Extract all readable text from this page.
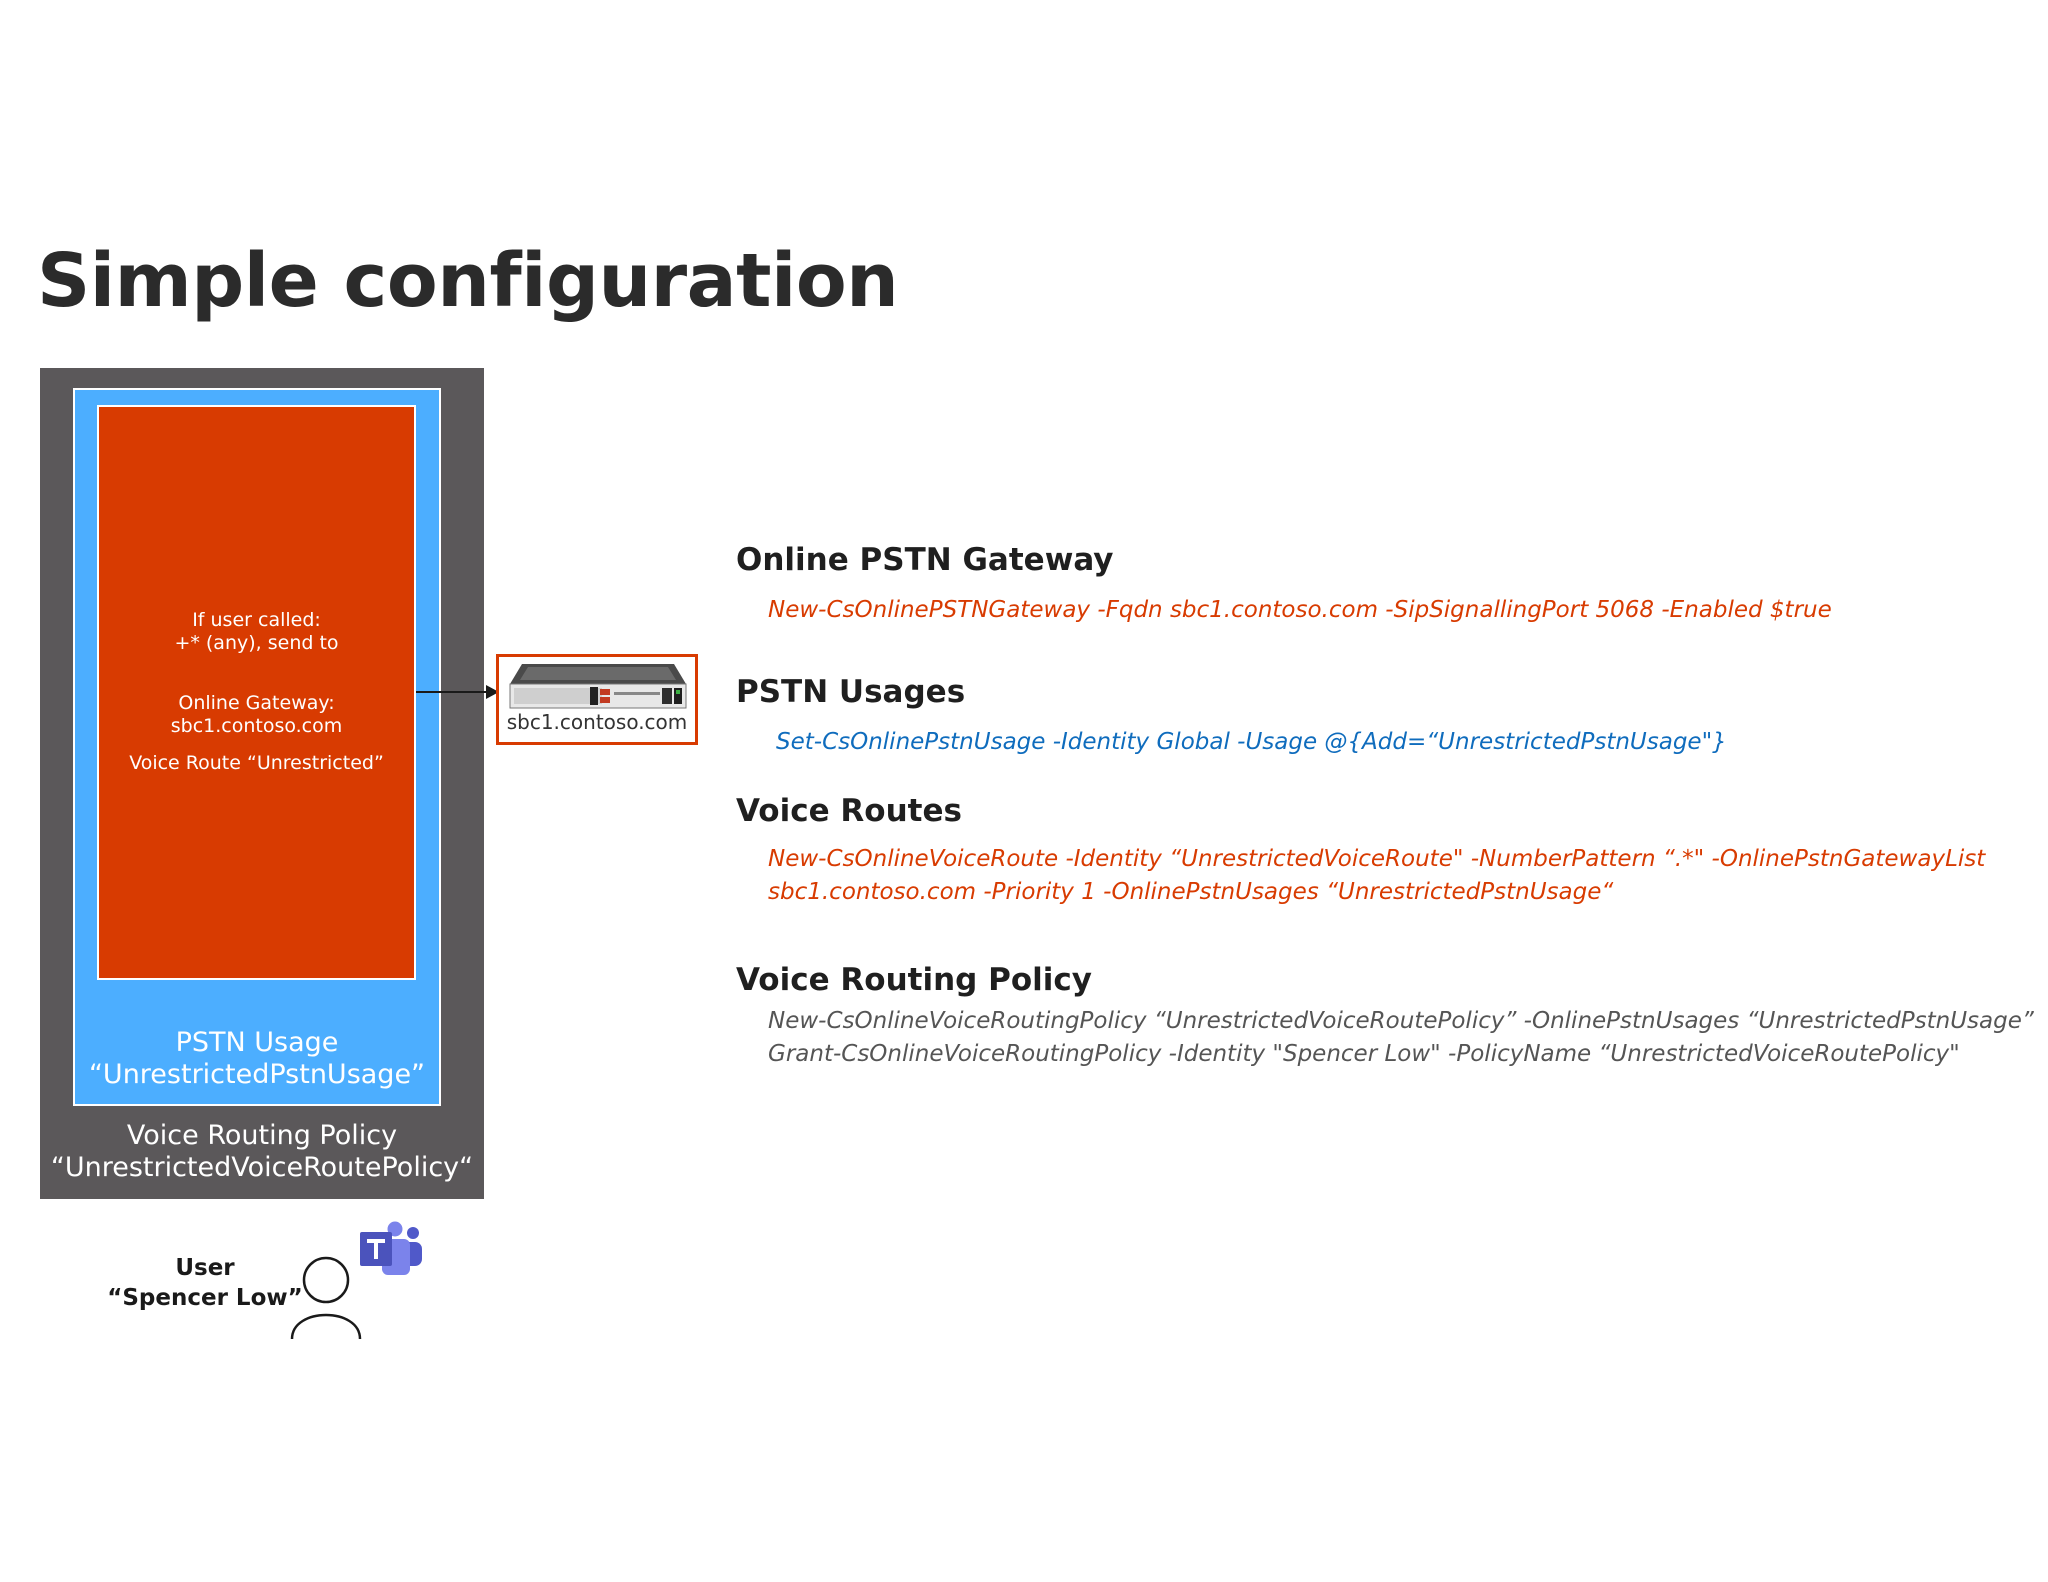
Simple configuration
If user called:
+* (any), send to
Online Gateway:
sbc1.contoso.com
Voice Route “Unrestricted”
PSTN Usage
“UnrestrictedPstnUsage”
Voice Routing Policy
“UnrestrictedVoiceRoutePolicy“
sbc1.contoso.com
User
“Spencer Low”
Online PSTN Gateway
New-CsOnlinePSTNGateway -Fqdn sbc1.contoso.com -SipSignallingPort 5068 -Enabled $true
PSTN Usages
Set-CsOnlinePstnUsage -Identity Global -Usage @{Add=“UnrestrictedPstnUsage"}
Voice Routes
New-CsOnlineVoiceRoute -Identity “UnrestrictedVoiceRoute" -NumberPattern “.*" -OnlinePstnGatewayList
sbc1.contoso.com -Priority 1 -OnlinePstnUsages “UnrestrictedPstnUsage“
Voice Routing Policy
New-CsOnlineVoiceRoutingPolicy “UnrestrictedVoiceRoutePolicy” -OnlinePstnUsages “UnrestrictedPstnUsage”
Grant-CsOnlineVoiceRoutingPolicy -Identity "Spencer Low" -PolicyName “UnrestrictedVoiceRoutePolicy"
